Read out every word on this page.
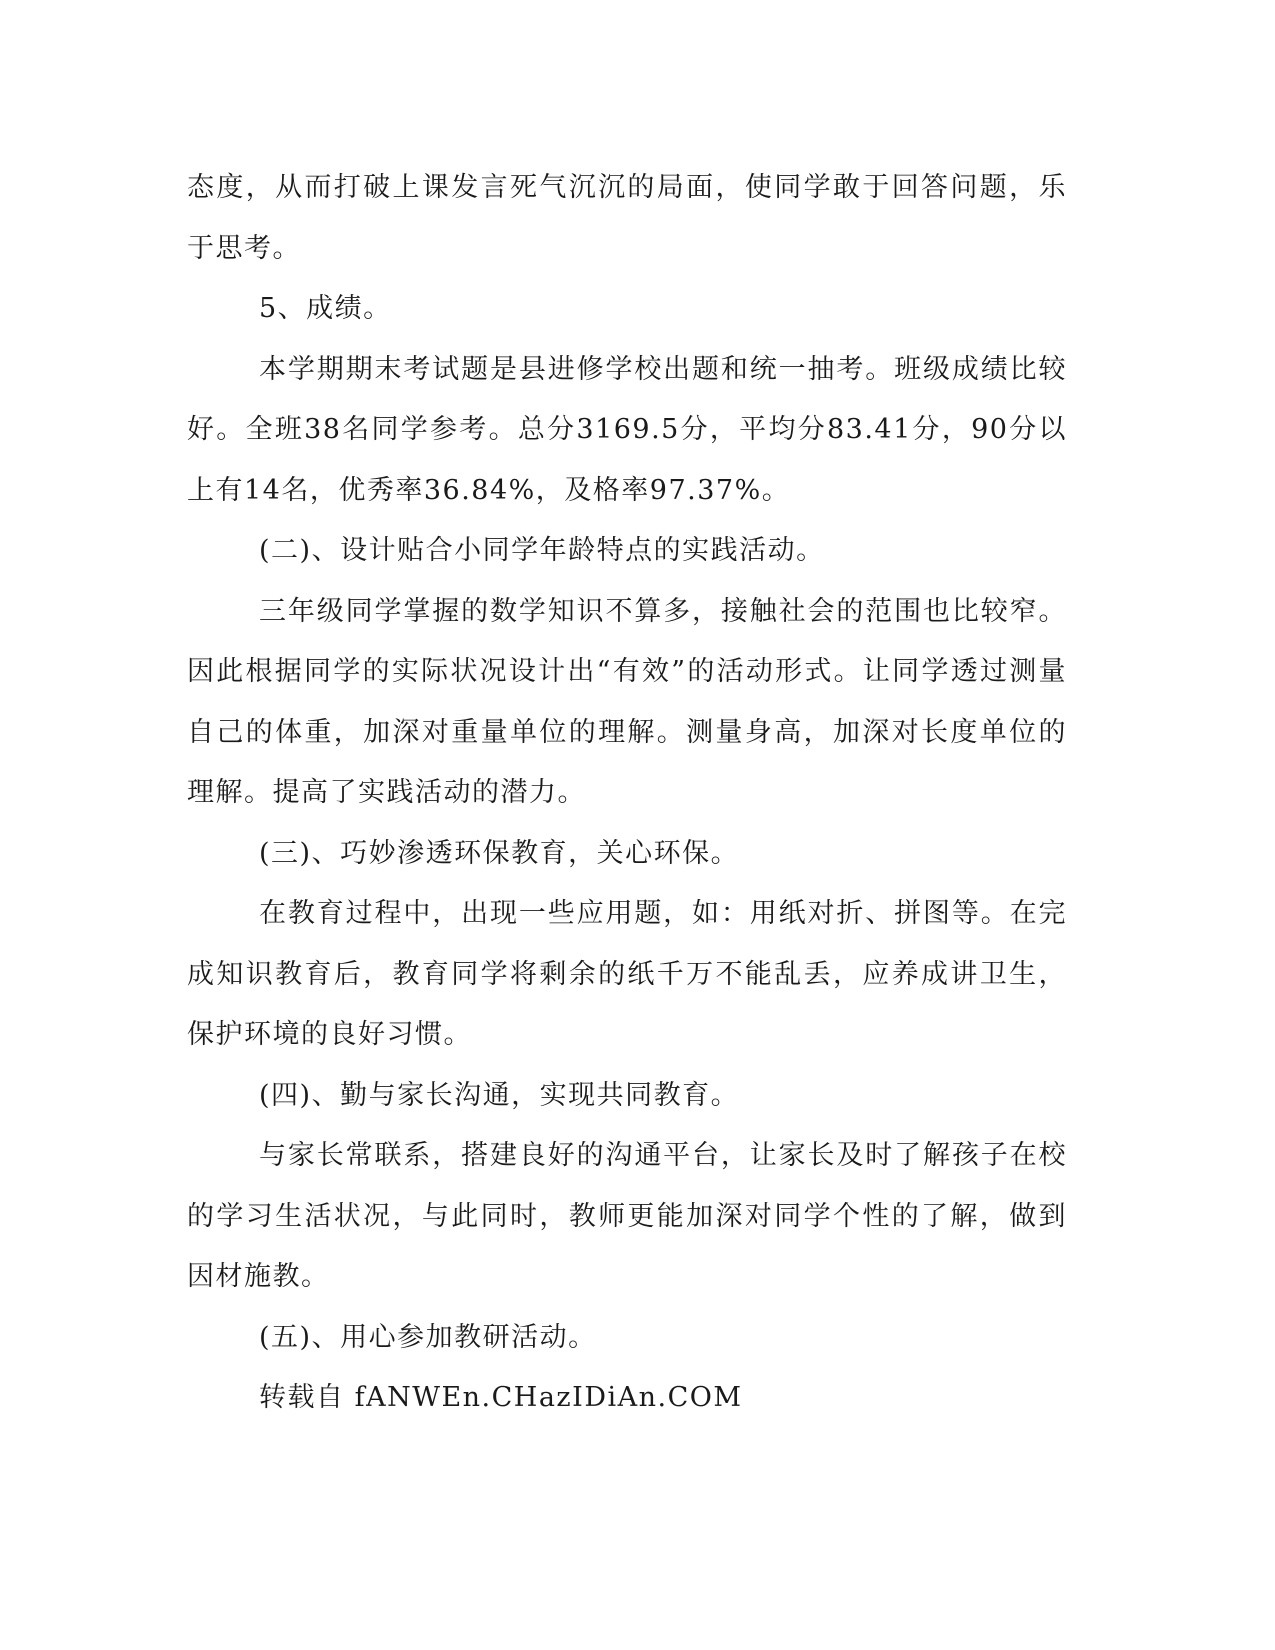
态度，从而打破上课发言死气沉沉的局面，使同学敢于回答问题，乐于思考。

5、成绩。

本学期期末考试题是县进修学校出题和统一抽考。班级成绩比较好。全班38名同学参考。总分3169.5分，平均分83.41分，90分以上有14名，优秀率36.84%，及格率97.37%。

(二)、设计贴合小同学年龄特点的实践活动。

三年级同学掌握的数学知识不算多，接触社会的范围也比较窄。因此根据同学的实际状况设计出“有效”的活动形式。让同学透过测量自己的体重，加深对重量单位的理解。测量身高，加深对长度单位的理解。提高了实践活动的潜力。

(三)、巧妙渗透环保教育，关心环保。

在教育过程中，出现一些应用题，如：用纸对折、拼图等。在完成知识教育后，教育同学将剩余的纸千万不能乱丢，应养成讲卫生，保护环境的良好习惯。

(四)、勤与家长沟通，实现共同教育。

与家长常联系，搭建良好的沟通平台，让家长及时了解孩子在校的学习生活状况，与此同时，教师更能加深对同学个性的了解，做到因材施教。

(五)、用心参加教研活动。

转载自 fANWEn.CHazIDiAn.COM
